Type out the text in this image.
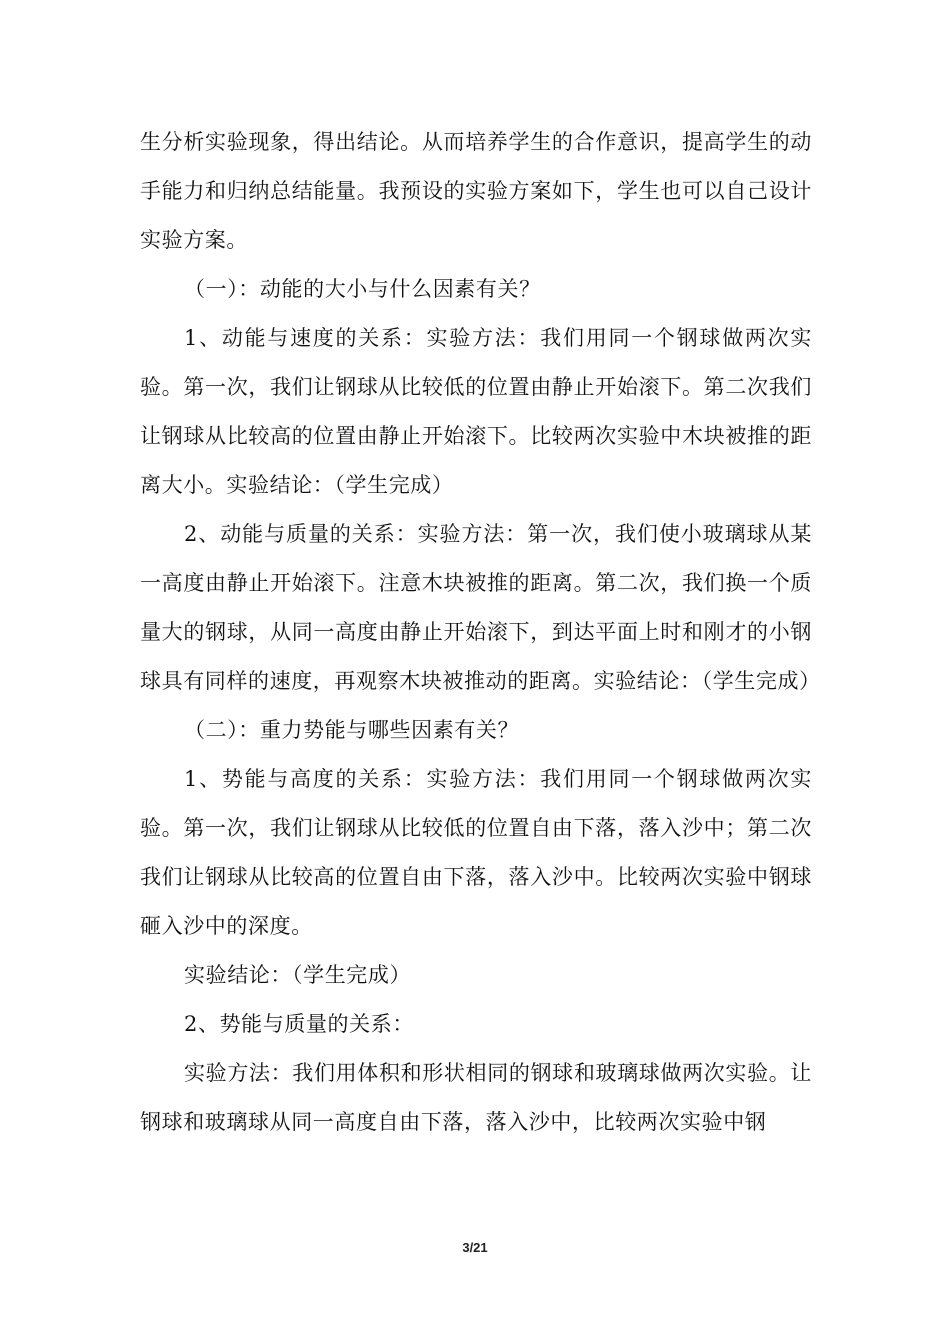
生分析实验现象，得出结论。从而培养学生的合作意识，提高学生的动手能力和归纳总结能量。我预设的实验方案如下，学生也可以自己设计实验方案。

（一）：动能的大小与什么因素有关？

1、动能与速度的关系：实验方法：我们用同一个钢球做两次实验。第一次，我们让钢球从比较低的位置由静止开始滚下。第二次我们让钢球从比较高的位置由静止开始滚下。比较两次实验中木块被推的距离大小。实验结论：（学生完成）

2、动能与质量的关系：实验方法：第一次，我们使小玻璃球从某一高度由静止开始滚下。注意木块被推的距离。第二次，我们换一个质量大的钢球，从同一高度由静止开始滚下，到达平面上时和刚才的小钢球具有同样的速度，再观察木块被推动的距离。实验结论：（学生完成）

（二）：重力势能与哪些因素有关？

1、势能与高度的关系：实验方法：我们用同一个钢球做两次实验。第一次，我们让钢球从比较低的位置自由下落，落入沙中；第二次我们让钢球从比较高的位置自由下落，落入沙中。比较两次实验中钢球砸入沙中的深度。

实验结论：（学生完成）

2、势能与质量的关系：

实验方法：我们用体积和形状相同的钢球和玻璃球做两次实验。让钢球和玻璃球从同一高度自由下落，落入沙中，比较两次实验中钢

3/21
